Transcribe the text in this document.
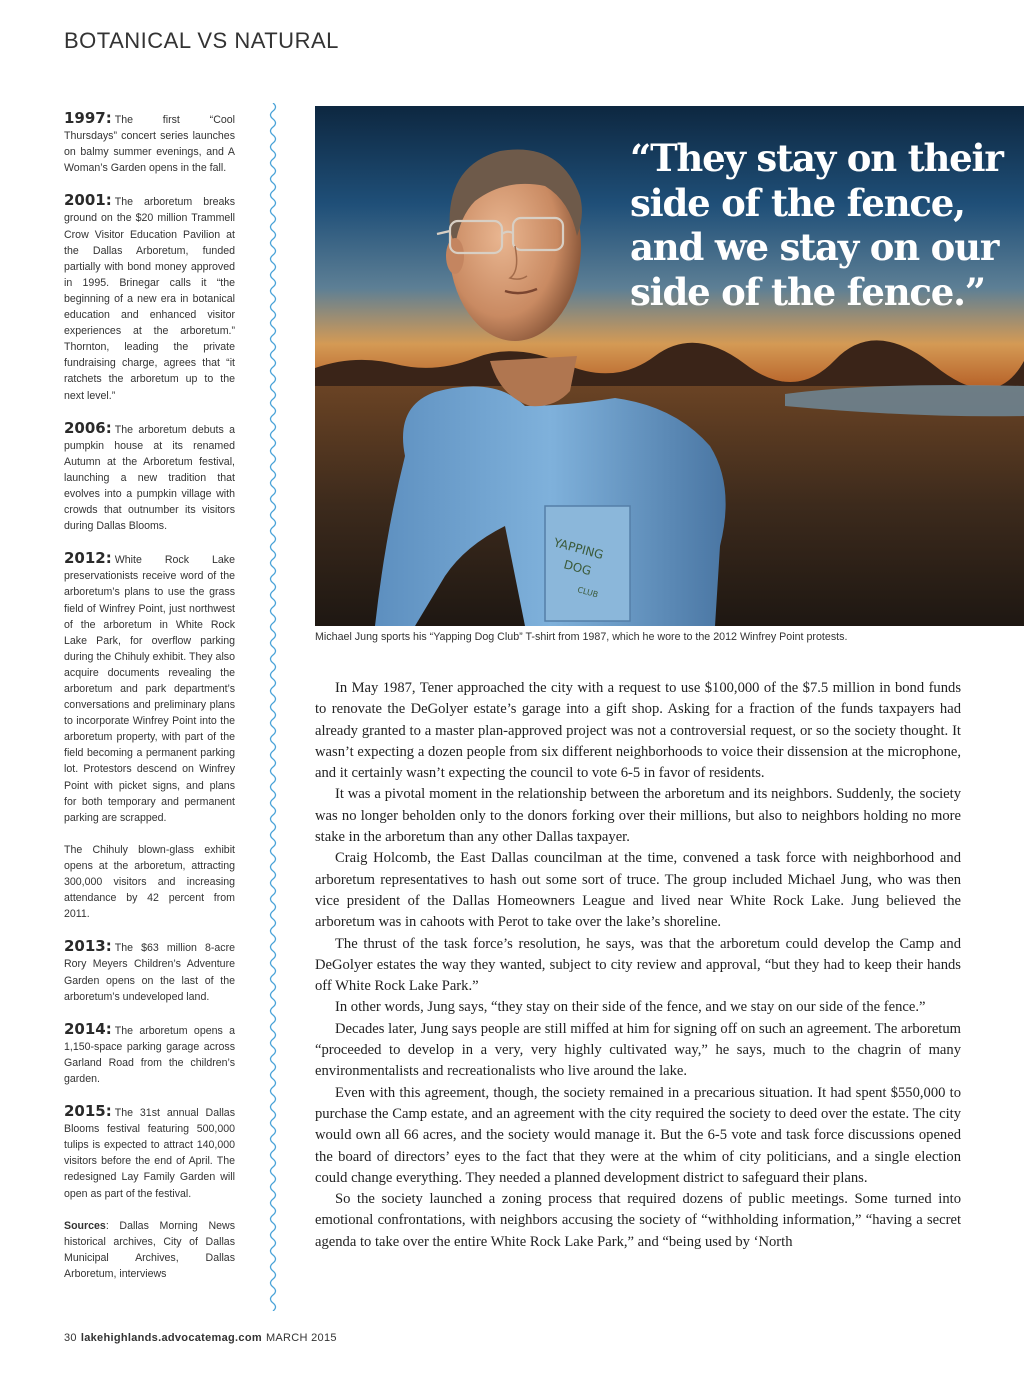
BOTANICAL VS NATURAL
1997: The first “Cool Thursdays” concert series launches on balmy summer evenings, and A Woman’s Garden opens in the fall.
2001: The arboretum breaks ground on the $20 million Trammell Crow Visitor Education Pavilion at the Dallas Arboretum, funded partially with bond money approved in 1995. Brinegar calls it “the beginning of a new era in botanical education and enhanced visitor experiences at the arboretum.” Thornton, leading the private fundraising charge, agrees that “it ratchets the arboretum up to the next level.”
2006: The arboretum debuts a pumpkin house at its renamed Autumn at the Arboretum festival, launching a new tradition that evolves into a pumpkin village with crowds that outnumber its visitors during Dallas Blooms.
2012: White Rock Lake preservationists receive word of the arboretum’s plans to use the grass field of Winfrey Point, just northwest of the arboretum in White Rock Lake Park, for overflow parking during the Chihuly exhibit. They also acquire documents revealing the arboretum and park department’s conversations and preliminary plans to incorporate Winfrey Point into the arboretum property, with part of the field becoming a permanent parking lot. Protestors descend on Winfrey Point with picket signs, and plans for both temporary and permanent parking are scrapped.
The Chihuly blown-glass exhibit opens at the arboretum, attracting 300,000 visitors and increasing attendance by 42 percent from 2011.
2013: The $63 million 8-acre Rory Meyers Children’s Adventure Garden opens on the last of the arboretum’s undeveloped land.
2014: The arboretum opens a 1,150-space parking garage across Garland Road from the children’s garden.
2015: The 31st annual Dallas Blooms festival featuring 500,000 tulips is expected to attract 140,000 visitors before the end of April. The redesigned Lay Family Garden will open as part of the festival.
Sources: Dallas Morning News historical archives, City of Dallas Municipal Archives, Dallas Arboretum, interviews
YAPPING
DOG
CLUB
“They stay on their side of the fence, and we stay on our side of the fence.”
Michael Jung sports his “Yapping Dog Club” T-shirt from 1987, which he wore to the 2012 Winfrey Point protests.

In May 1987, Tener approached the city with a request to use $100,000 of the $7.5 million in bond funds to renovate the DeGolyer estate’s garage into a gift shop. Asking for a fraction of the funds taxpayers had already granted to a master plan-approved project was not a controversial request, or so the society thought. It wasn’t expecting a dozen people from six different neighborhoods to voice their dissension at the microphone, and it certainly wasn’t expecting the council to vote 6-5 in favor of residents.

It was a pivotal moment in the relationship between the arboretum and its neighbors. Suddenly, the society was no longer beholden only to the donors forking over their millions, but also to neighbors holding no more stake in the arboretum than any other Dallas taxpayer.

Craig Holcomb, the East Dallas councilman at the time, convened a task force with neighborhood and arboretum representatives to hash out some sort of truce. The group included Michael Jung, who was then vice president of the Dallas Homeowners League and lived near White Rock Lake. Jung believed the arboretum was in cahoots with Perot to take over the lake’s shoreline.

The thrust of the task force’s resolution, he says, was that the arboretum could develop the Camp and DeGolyer estates the way they wanted, subject to city review and approval, “but they had to keep their hands off White Rock Lake Park.”

In other words, Jung says, “they stay on their side of the fence, and we stay on our side of the fence.”

Decades later, Jung says people are still miffed at him for signing off on such an agreement. The arboretum “proceeded to develop in a very, very highly cultivated way,” he says, much to the chagrin of many environmentalists and recreationalists who live around the lake.

Even with this agreement, though, the society remained in a precarious situation. It had spent $550,000 to purchase the Camp estate, and an agreement with the city required the society to deed over the estate. The city would own all 66 acres, and the society would manage it. But the 6-5 vote and task force discussions opened the board of directors’ eyes to the fact that they were at the whim of city politicians, and a single election could change everything. They needed a planned development district to safeguard their plans.

So the society launched a zoning process that required dozens of public meetings. Some turned into emotional confrontations, with neighbors accusing the society of “withholding information,” “having a secret agenda to take over the entire White Rock Lake Park,” and “being used by ‘North

30 lakehighlands.advocatemag.com MARCH 2015
